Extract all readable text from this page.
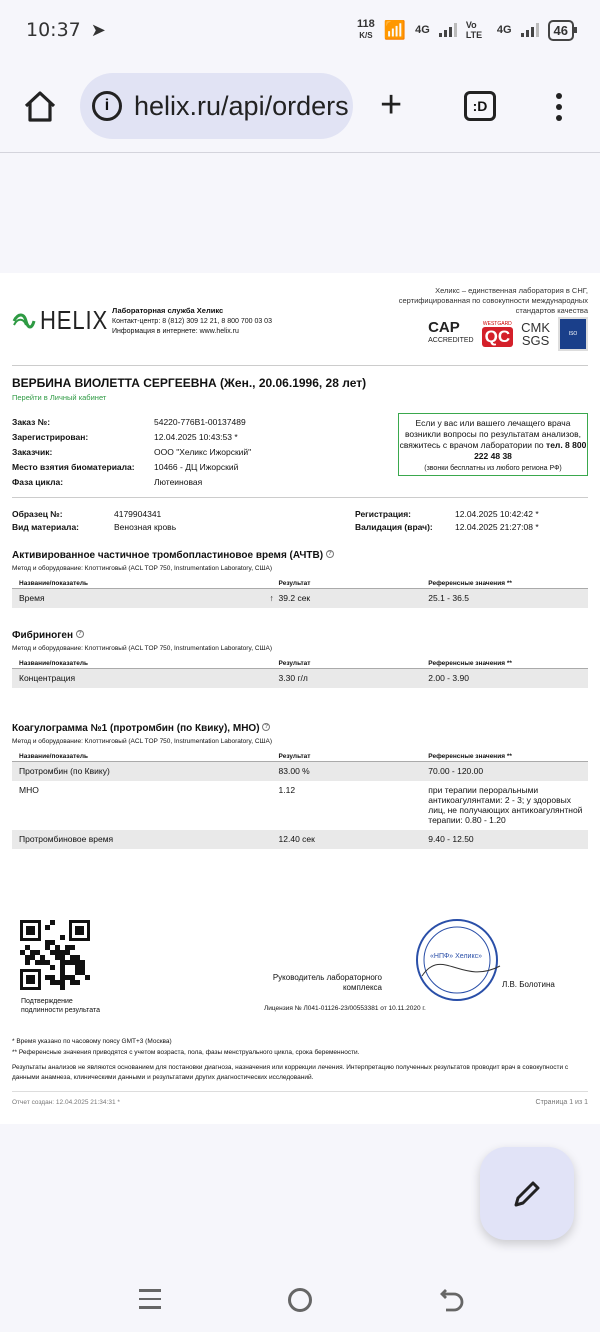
10:37 ➤	118
K/S 📶 4G	Vo LTE	4G	46
i helix.ru/api/orders +	:D
HELIX Лабораторная служба Хеликс
Контакт-центр: 8 (812) 309 12 21, 8 800 700 03 03
Информация в интернете: www.helix.ru
Хеликс – единственная лаборатория в СНГ, сертифицированная по совокупности международных стандартов качества
CAP
ACCREDITED
WESTGARD
QC CMK
SGS	ISO
ВЕРБИНА ВИОЛЕТТА СЕРГЕЕВНА (Жен., 20.06.1996, 28 лет)
Перейти в Личный кабинет
Заказ №:	54220-776B1-00137489
Зарегистрирован:	12.04.2025 10:43:53 *
Заказчик:	ООО "Хеликс Ижорский"
Место взятия биоматериала:	10466 - ДЦ Ижорский
Фаза цикла:	Лютеиновая
Если у вас или вашего лечащего врача возникли вопросы по результатам анализов, свяжитесь с врачом лаборатории по тел. 8 800 222 48 38
(звонки бесплатны из любого региона РФ)
Образец №:	4179904341
Вид материала:	Венозная кровь
Регистрация:	12.04.2025 10:42:42 *
Валидация (врач):	12.04.2025 21:27:08 *
Активированное частичное тромбопластиновое время (АЧТВ) ?
Метод и оборудование: Клоттинговый (ACL TOP 750, Instrumentation Laboratory, США)
Название/показатель	Результат	Референсные значения **
Время	↑ 39.2 сек	25.1 - 36.5
Фибриноген ?
Метод и оборудование: Клоттинговый (ACL TOP 750, Instrumentation Laboratory, США)
Название/показатель	Результат	Референсные значения **
Концентрация	3.30 г/л	2.00 - 3.90
Коагулограмма №1 (протромбин (по Квику), МНО) ?
Метод и оборудование: Клоттинговый (ACL TOP 750, Instrumentation Laboratory, США)
Название/показатель	Результат	Референсные значения **
Протромбин (по Квику)	83.00 %	70.00 - 120.00
МНО	1.12	при терапии пероральными антикоагулянтами: 2 - 3; у здоровых лиц, не получающих антикоагулянтной терапии: 0.80 - 1.20
Протромбиновое время	12.40 сек	9.40 - 12.50
Подтверждение подлинности результата
«НПФ» Хеликс»
Руководитель лабораторного комплекса	Л.В. Болотина
Лицензия № Л041-01126-23/00553381 от 10.11.2020 г.
* Время указано по часовому поясу GMT+3 (Москва)
** Референсные значения приводятся с учетом возраста, пола, фазы менструального цикла, срока беременности.
Результаты анализов не являются основанием для постановки диагноза, назначения или коррекции лечения. Интерпретацию полученных результатов проводит врач в совокупности с данными анамнеза, клиническими данными и результатами других диагностических исследований.
Отчет создан: 12.04.2025 21:34:31 *	Страница 1 из 1
